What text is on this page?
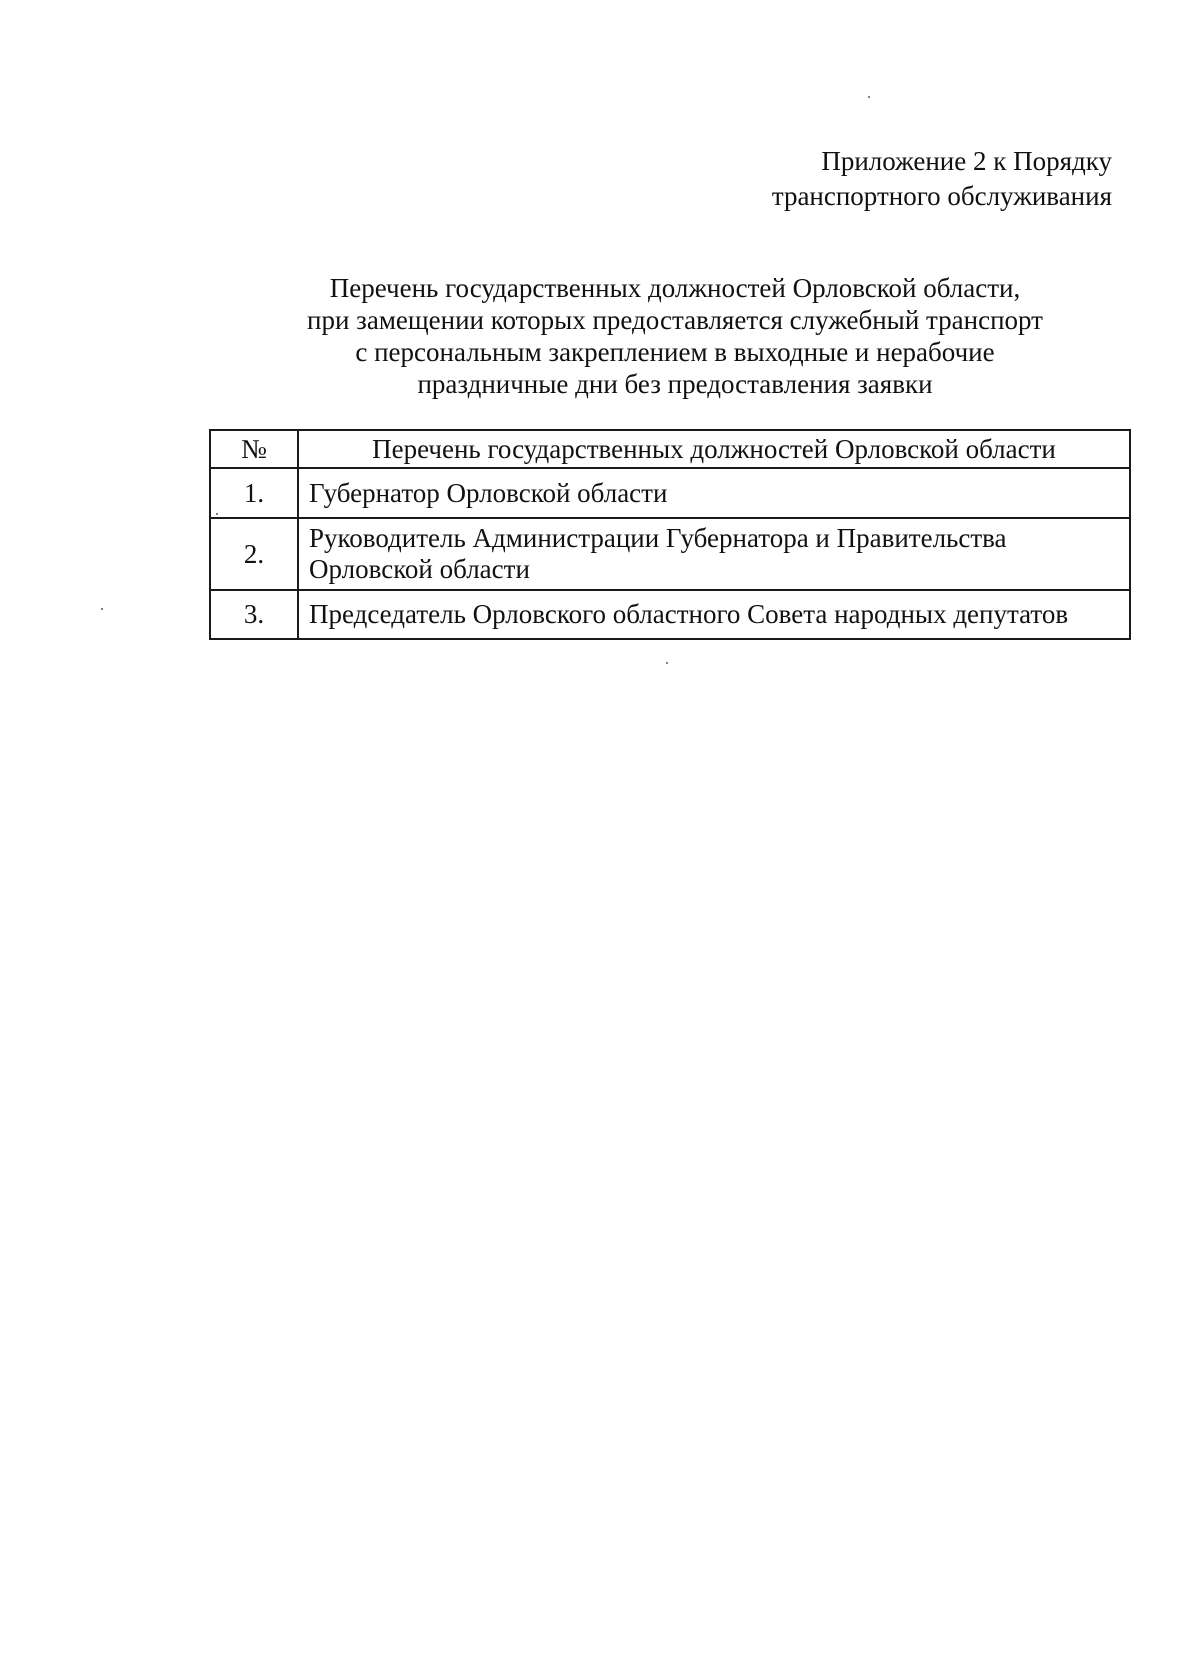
Приложение 2 к Порядку
транспортного обслуживания
Перечень государственных должностей Орловской области,
при замещении которых предоставляется служебный транспорт
с персональным закреплением в выходные и нерабочие
праздничные дни без предоставления заявки
№	Перечень государственных должностей Орловской области
1.	Губернатор Орловской области
2.	Руководитель Администрации Губернатора и Правительства
Орловской области

3.	Председатель Орловского областного Совета народных депутатов
